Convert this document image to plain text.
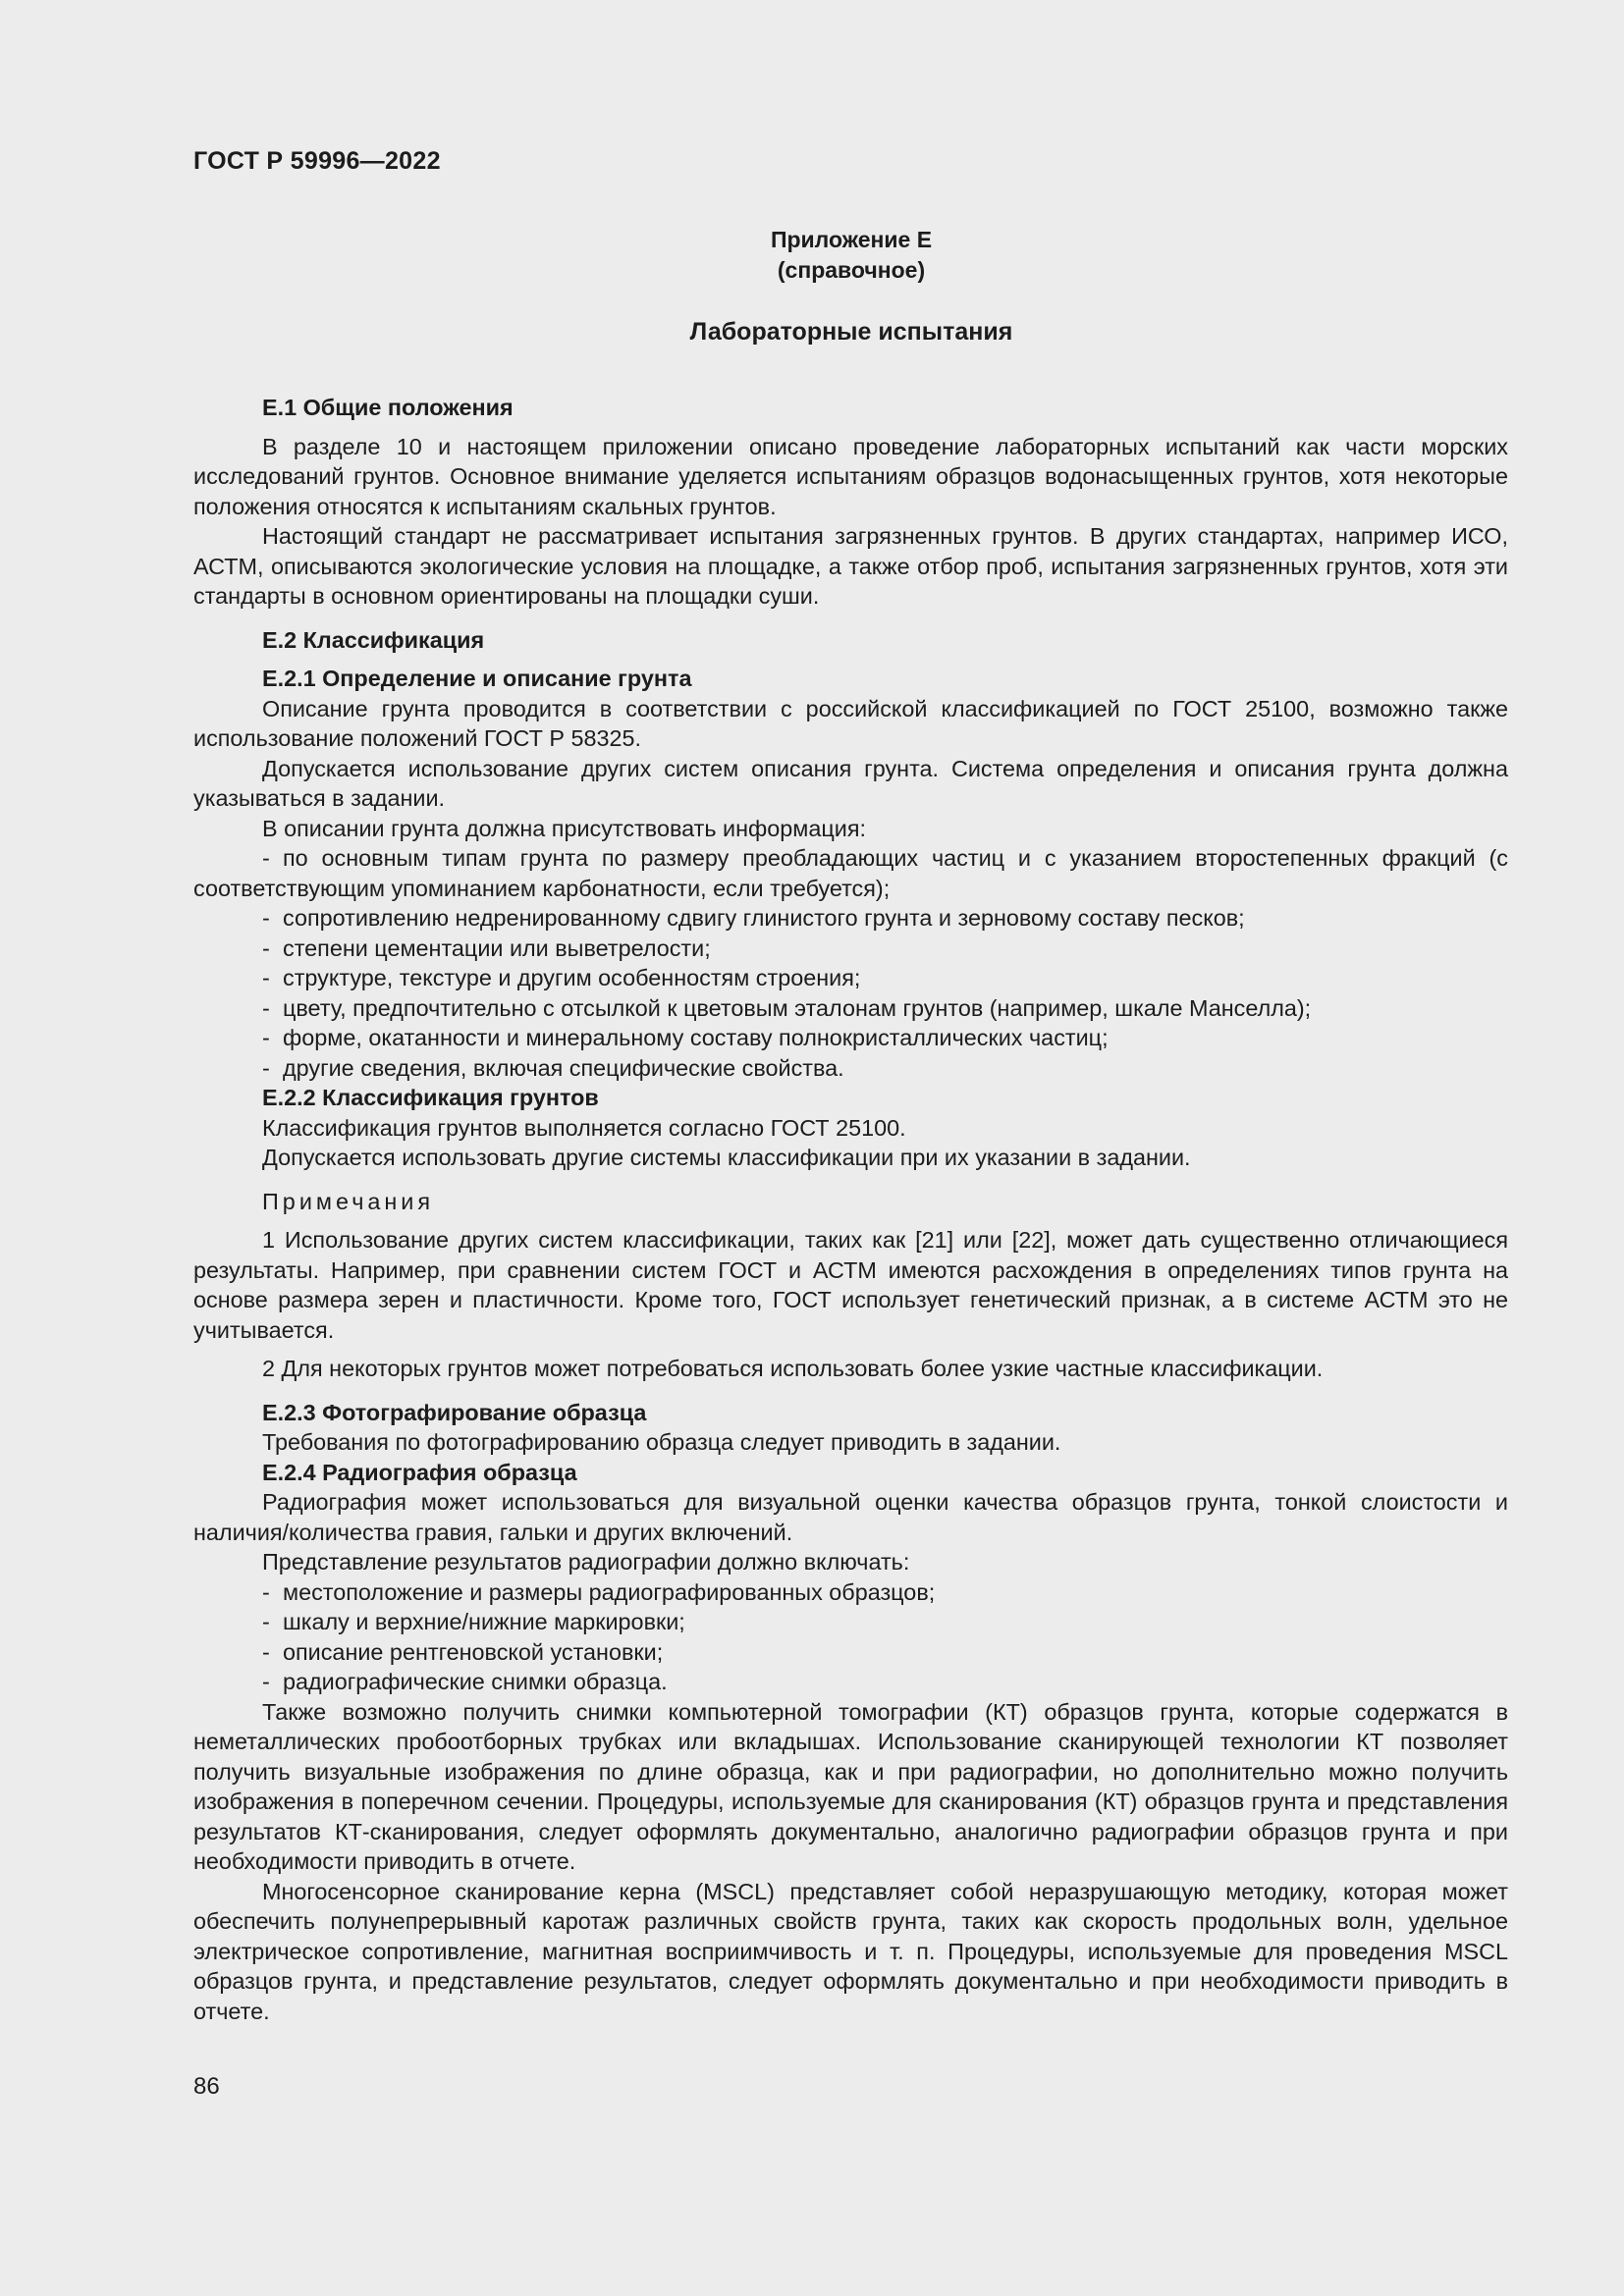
ГОСТ Р 59996—2022
Приложение Е
(справочное)
Лабораторные испытания

Е.1 Общие положения

В разделе 10 и настоящем приложении описано проведение лабораторных испытаний как части морских исследований грунтов. Основное внимание уделяется испытаниям образцов водонасыщенных грунтов, хотя некоторые положения относятся к испытаниям скальных грунтов.

Настоящий стандарт не рассматривает испытания загрязненных грунтов. В других стандартах, например ИСО, АСТМ, описываются экологические условия на площадке, а также отбор проб, испытания загрязненных грунтов, хотя эти стандарты в основном ориентированы на площадки суши.

Е.2 Классификация

Е.2.1 Определение и описание грунта

Описание грунта проводится в соответствии с российской классификацией по ГОСТ 25100, возможно также использование положений ГОСТ Р 58325.

Допускается использование других систем описания грунта. Система определения и описания грунта должна указываться в задании.

В описании грунта должна присутствовать информация:

- по основным типам грунта по размеру преобладающих частиц и с указанием второстепенных фракций (с соответствующим упоминанием карбонатности, если требуется);

- сопротивлению недренированному сдвигу глинистого грунта и зерновому составу песков;

- степени цементации или выветрелости;

- структуре, текстуре и другим особенностям строения;

- цвету, предпочтительно с отсылкой к цветовым эталонам грунтов (например, шкале Манселла);

- форме, окатанности и минеральному составу полнокристаллических частиц;

- другие сведения, включая специфические свойства.

Е.2.2 Классификация грунтов

Классификация грунтов выполняется согласно ГОСТ 25100.

Допускается использовать другие системы классификации при их указании в задании.

Примечания

1 Использование других систем классификации, таких как [21] или [22], может дать существенно отличающиеся результаты. Например, при сравнении систем ГОСТ и АСТМ имеются расхождения в определениях типов грунта на основе размера зерен и пластичности. Кроме того, ГОСТ использует генетический признак, а в системе АСТМ это не учитывается.

2 Для некоторых грунтов может потребоваться использовать более узкие частные классификации.

Е.2.3 Фотографирование образца

Требования по фотографированию образца следует приводить в задании.

Е.2.4 Радиография образца

Радиография может использоваться для визуальной оценки качества образцов грунта, тонкой слоистости и наличия/количества гравия, гальки и других включений.

Представление результатов радиографии должно включать:

- местоположение и размеры радиографированных образцов;

- шкалу и верхние/нижние маркировки;

- описание рентгеновской установки;

- радиографические снимки образца.

Также возможно получить снимки компьютерной томографии (КТ) образцов грунта, которые содержатся в неметаллических пробоотборных трубках или вкладышах. Использование сканирующей технологии КТ позволяет получить визуальные изображения по длине образца, как и при радиографии, но дополнительно можно получить изображения в поперечном сечении. Процедуры, используемые для сканирования (КТ) образцов грунта и представления результатов КТ-сканирования, следует оформлять документально, аналогично радиографии образцов грунта и при необходимости приводить в отчете.

Многосенсорное сканирование керна (MSCL) представляет собой неразрушающую методику, которая может обеспечить полунепрерывный каротаж различных свойств грунта, таких как скорость продольных волн, удельное электрическое сопротивление, магнитная восприимчивость и т. п. Процедуры, используемые для проведения MSCL образцов грунта, и представление результатов, следует оформлять документально и при необходимости приводить в отчете.

86
